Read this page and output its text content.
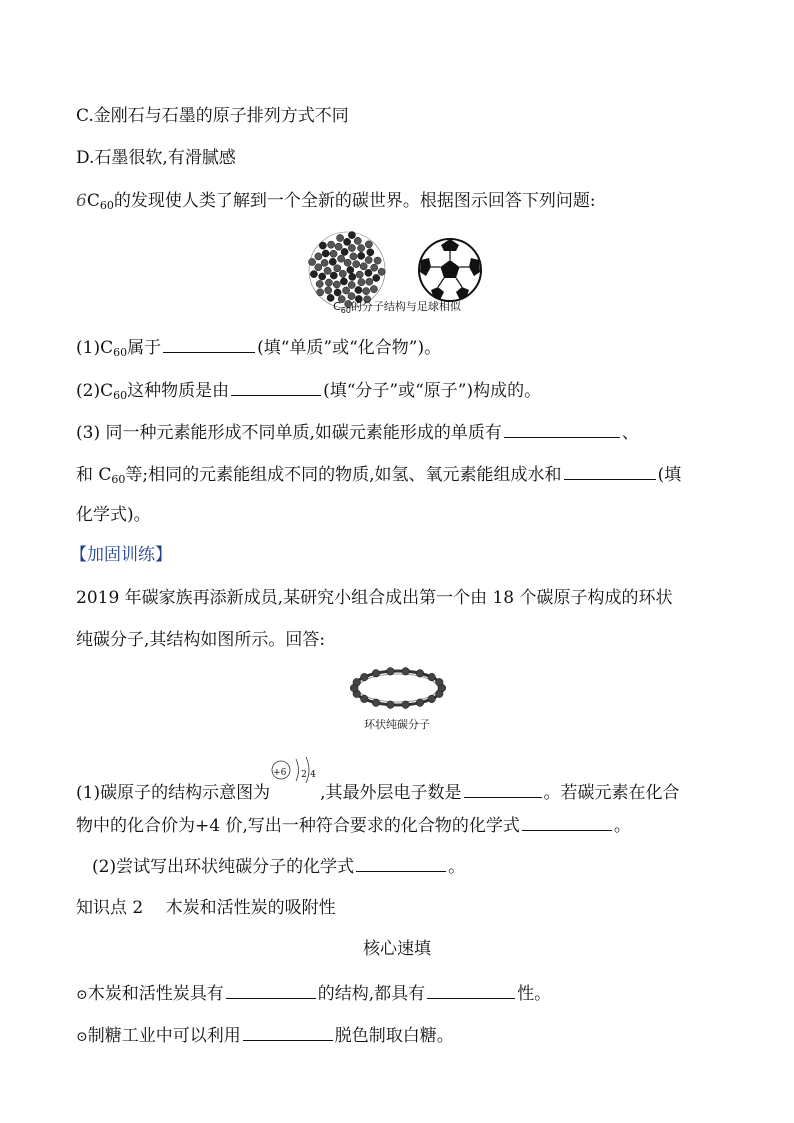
C.金刚石与石墨的原子排列方式不同
D.石墨很软,有滑腻感
$6C_{60}$的发现使人类了解到一个全新的碳世界。根据图示回答下列问题:
$C_{60}$的分子结构与足球相似
$(1)C_{60}$属于	(填“单质”或“化合物”)。
$(2)C_{60}$这种物质是由	(填“分子”或“原子”)构成的。
(3) 同一种元素能形成不同单质,如碳元素能形成的单质有	、
和 $C_{60}$等;相同的元素能组成不同的物质,如氢、氧元素能组成水和	(填
化学式)。
【加固训练】
2019 年碳家族再添新成员,某研究小组合成出第一个由 18 个碳原子构成的环状
纯碳分子,其结构如图所示。回答:
环状纯碳分子
(1)碳原子的结构示意图为
+6 2 4
,其最外层电子数是	。若碳元素在化合
物中的化合价为+4 价,写出一种符合要求的化合物的化学式	。
(2)尝试写出环状纯碳分子的化学式	。
知识点 2　 木炭和活性炭的吸附性
核心速填
⊙木炭和活性炭具有	的结构,都具有	性。
⊙制糖工业中可以利用	脱色制取白糖。
